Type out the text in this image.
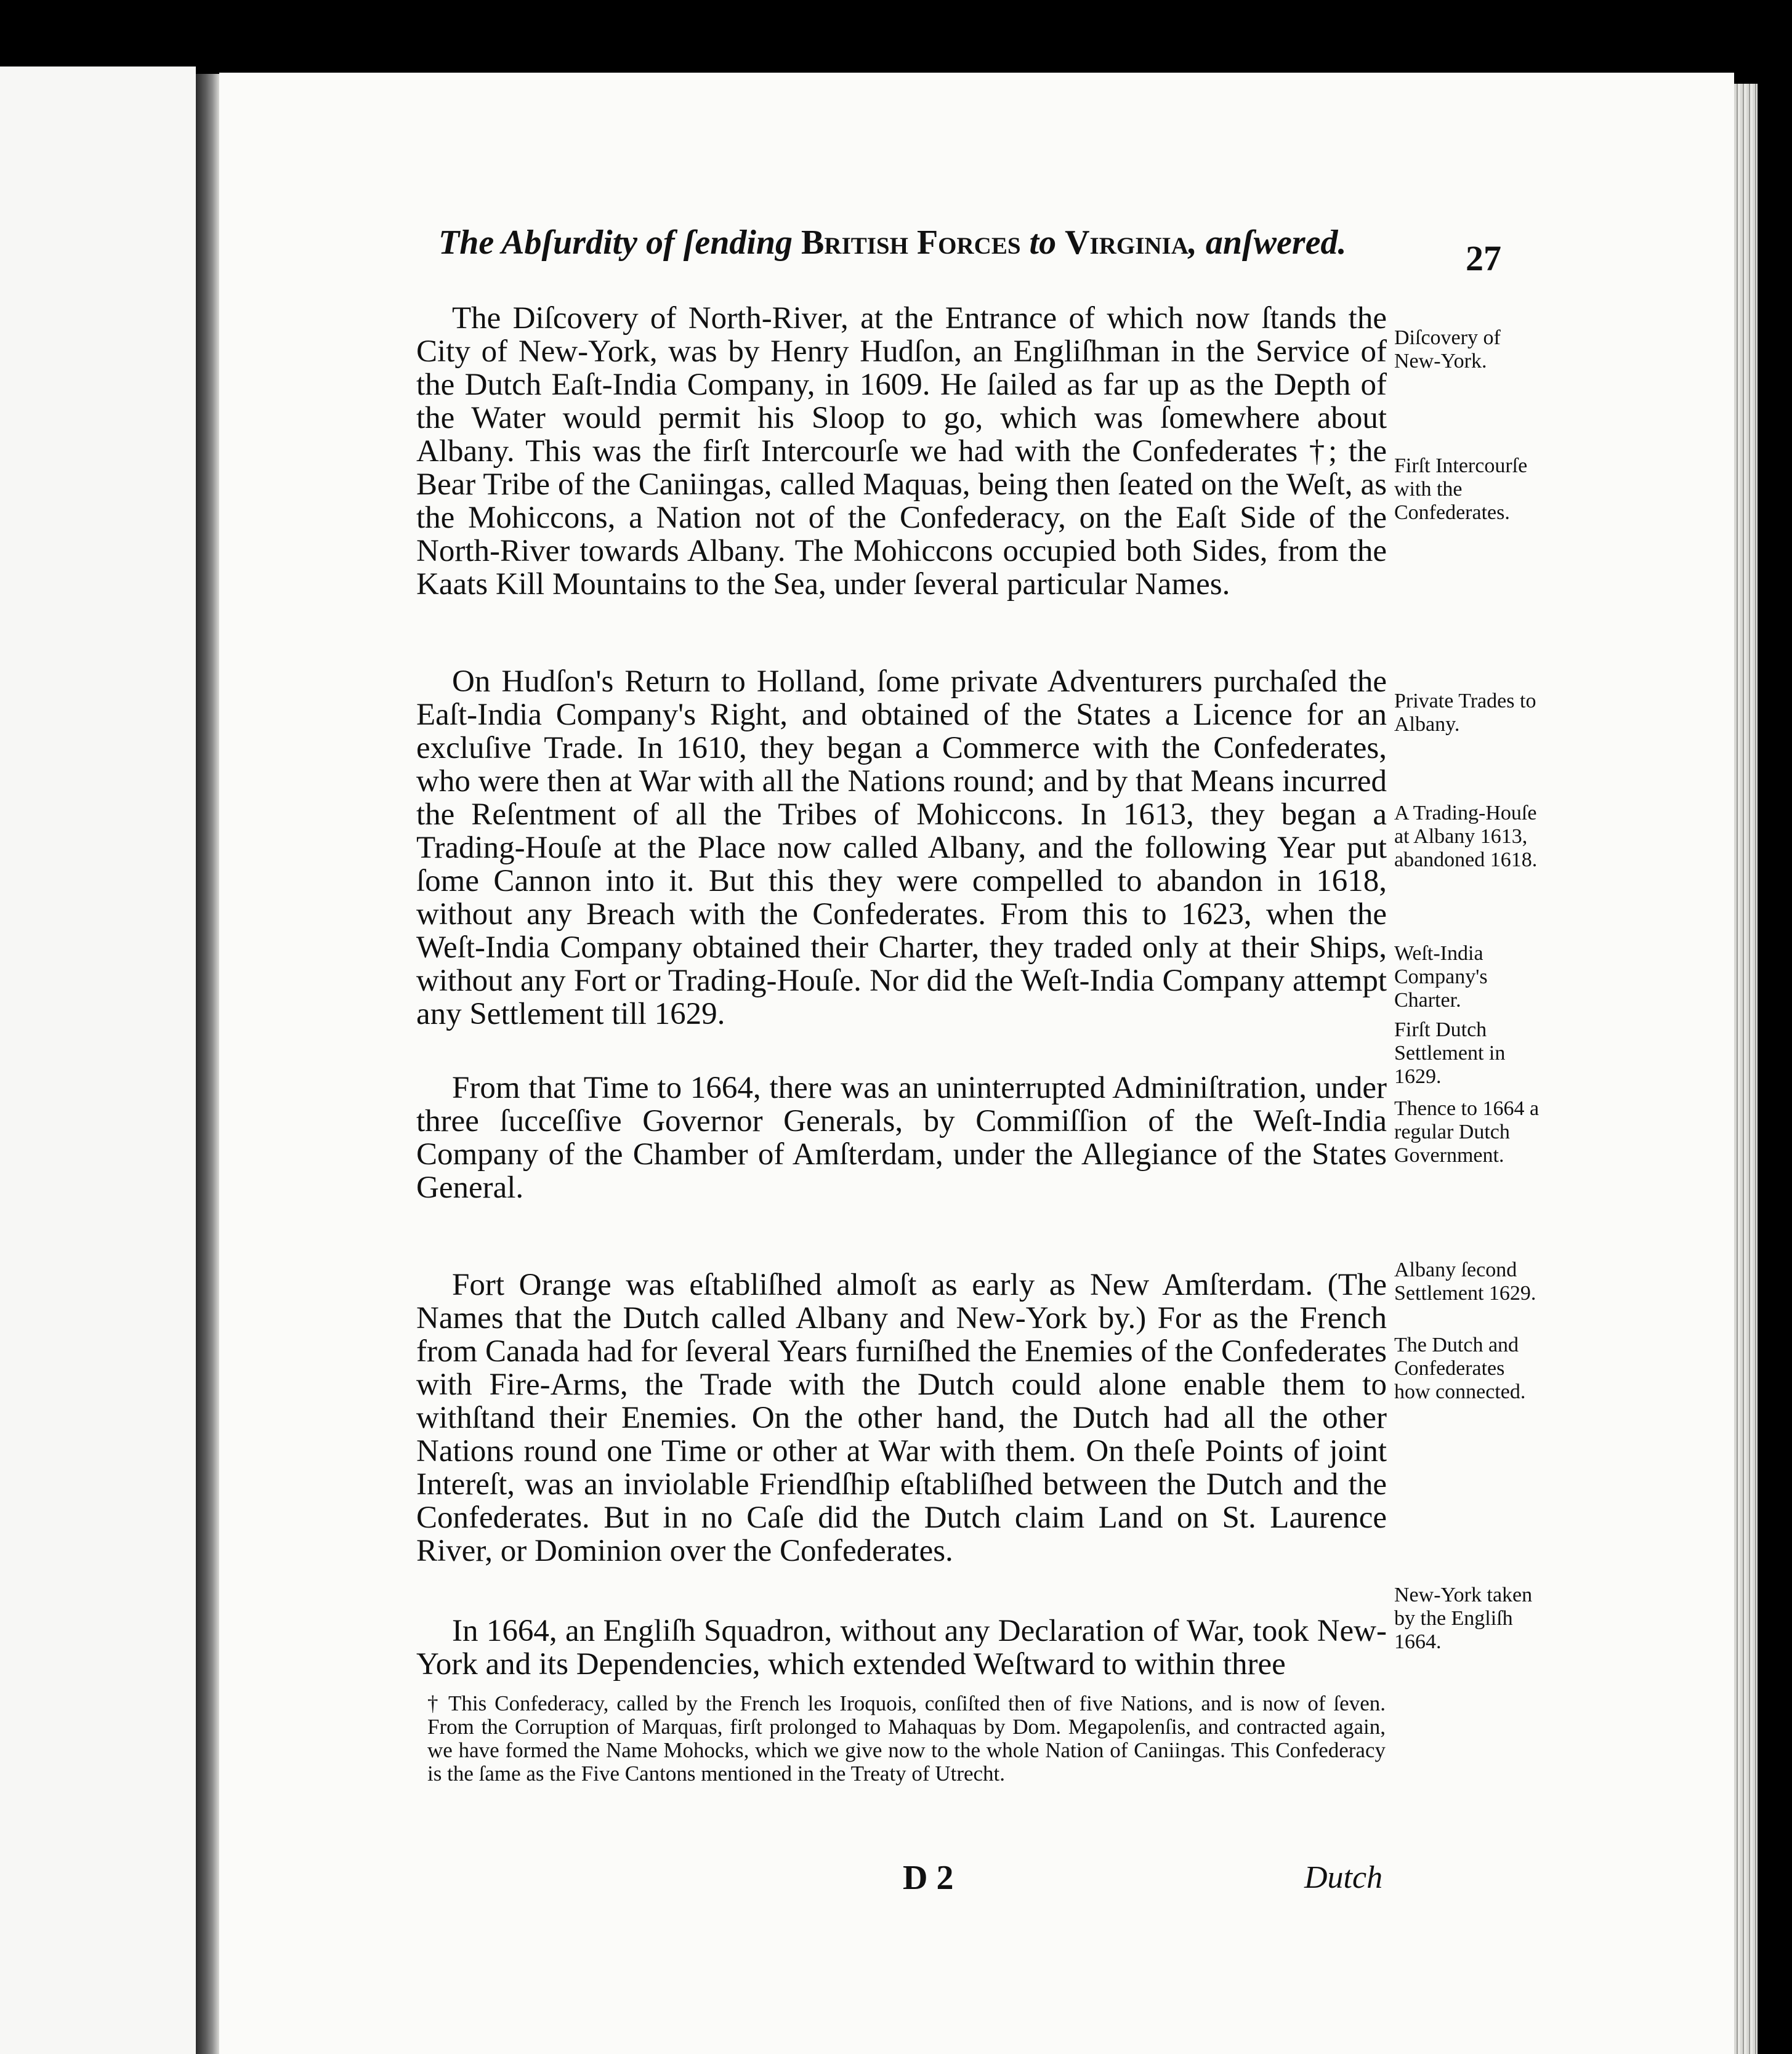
The Abſurdity of ſending British Forces to Virginia, anſwered.	27

The Diſcovery of North-River, at the Entrance of which now ſtands the City of New-York, was by Henry Hudſon, an Engliſhman in the Service of the Dutch Eaſt-India Company, in 1609. He ſailed as far up as the Depth of the Water would permit his Sloop to go, which was ſomewhere about Albany. This was the firſt Intercourſe we had with the Confederates †; the Bear Tribe of the Caniingas, called Maquas, being then ſeated on the Weſt, as the Mohiccons, a Nation not of the Confederacy, on the Eaſt Side of the North-River towards Albany. The Mohiccons occupied both Sides, from the Kaats Kill Mountains to the Sea, under ſeveral particular Names.

On Hudſon's Return to Holland, ſome private Adventurers purchaſed the Eaſt-India Company's Right, and obtained of the States a Licence for an excluſive Trade. In 1610, they began a Commerce with the Confederates, who were then at War with all the Nations round; and by that Means incurred the Reſentment of all the Tribes of Mohiccons. In 1613, they began a Trading-Houſe at the Place now called Albany, and the following Year put ſome Cannon into it. But this they were compelled to abandon in 1618, without any Breach with the Confederates. From this to 1623, when the Weſt-India Company obtained their Charter, they traded only at their Ships, without any Fort or Trading-Houſe. Nor did the Weſt-India Company attempt any Settlement till 1629.

From that Time to 1664, there was an uninterrupted Adminiſtration, under three ſucceſſive Governor Generals, by Commiſſion of the Weſt-India Company of the Chamber of Amſterdam, under the Allegiance of the States General.

Fort Orange was eſtabliſhed almoſt as early as New Amſterdam. (The Names that the Dutch called Albany and New-York by.) For as the French from Canada had for ſeveral Years furniſhed the Enemies of the Confederates with Fire-Arms, the Trade with the Dutch could alone enable them to withſtand their Enemies. On the other hand, the Dutch had all the other Nations round one Time or other at War with them. On theſe Points of joint Intereſt, was an inviolable Friendſhip eſtabliſhed between the Dutch and the Confederates. But in no Caſe did the Dutch claim Land on St. Laurence River, or Dominion over the Confederates.

In 1664, an Engliſh Squadron, without any Declaration of War, took New-York and its Dependencies, which extended Weſtward to within three

Diſcovery of New-York.
Firſt Intercourſe with the Confederates.
Private Trades to Albany.
A Trading-Houſe at Albany 1613, abandoned 1618.
Weſt-India Company's Charter.
Firſt Dutch Settlement in 1629.
Thence to 1664 a regular Dutch Government.
Albany ſecond Settlement 1629.
The Dutch and Confederates how connected.
New-York taken by the Engliſh 1664.
† This Confederacy, called by the French les Iroquois, conſiſted then of five Nations, and is now of ſeven. From the Corruption of Marquas, firſt prolonged to Mahaquas by Dom. Megapolenſis, and contracted again, we have formed the Name Mohocks, which we give now to the whole Nation of Caniingas. This Confederacy is the ſame as the Five Cantons mentioned in the Treaty of Utrecht.
D 2	Dutch
